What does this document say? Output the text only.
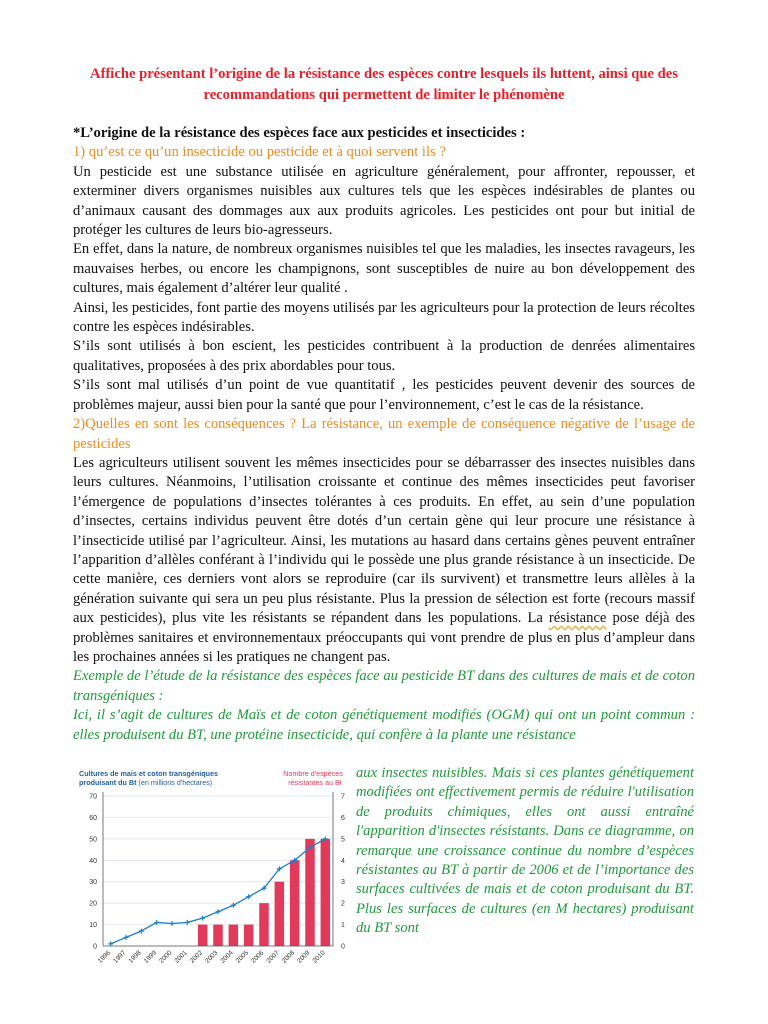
Affiche présentant l’origine de la résistance des espèces contre lesquels ils luttent, ainsi que des recommandations qui permettent de limiter le phénomène

*L’origine de la résistance des espèces face aux pesticides et insecticides :

1) qu’est ce qu’un insecticide ou pesticide et à quoi servent ils ?

Un pesticide est une substance utilisée en agriculture généralement, pour affronter, repousser, et exterminer divers organismes nuisibles aux cultures tels que les espèces indésirables de plantes ou d’animaux causant des dommages aux aux produits agricoles. Les pesticides ont pour but initial de protéger les cultures de leurs bio-agresseurs.

En effet, dans la nature, de nombreux organismes nuisibles tel que les maladies, les insectes ravageurs, les mauvaises herbes, ou encore les champignons, sont susceptibles de nuire au bon développement des cultures, mais également d’altérer leur qualité .

Ainsi, les pesticides, font partie des moyens utilisés par les agriculteurs pour la protection de leurs récoltes contre les espèces indésirables.

S’ils sont utilisés à bon escient, les pesticides contribuent à la production de denrées alimentaires qualitatives, proposées à des prix abordables pour tous.

S’ils sont mal utilisés d’un point de vue quantitatif , les pesticides peuvent devenir des sources de problèmes majeur, aussi bien pour la santé que pour l’environnement, c’est le cas de la résistance.

2)Quelles en sont les conséquences ? La résistance, un exemple de conséquence négative de l’usage de pesticides

Les agriculteurs utilisent souvent les mêmes insecticides pour se débarrasser des insectes nuisibles dans leurs cultures. Néanmoins, l’utilisation croissante et continue des mêmes insecticides peut favoriser l’émergence de populations d’insectes tolérantes à ces produits. En effet, au sein d’une population d’insectes, certains individus peuvent être dotés d’un certain gène qui leur procure une résistance à l’insecticide utilisé par l’agriculteur. Ainsi, les mutations au hasard dans certains gènes peuvent entraîner l’apparition d’allèles conférant à l’individu qui le possède une plus grande résistance à un insecticide. De cette manière, ces derniers vont alors se reproduire (car ils survivent) et transmettre leurs allèles à la génération suivante qui sera un peu plus résistante. Plus la pression de sélection est forte (recours massif aux pesticides), plus vite les résistants se répandent dans les populations. La résistance pose déjà des problèmes sanitaires et environnementaux préoccupants qui vont prendre de plus en plus d’ampleur dans les prochaines années si les pratiques ne changent pas.

Exemple de l’étude de la résistance des espèces face au pesticide BT dans des cultures de mais et de coton transgéniques :

Ici, il s’agit de cultures de Maïs et de coton génétiquement modifiés (OGM) qui ont un point commun : elles produisent du BT, une protéine insecticide, qui confère à la plante une résistance

Cultures de mais et coton transgéniques
produisant du Bt (en millions d'hectares)
Nombre d'espèces
résistantes au Bt
0
10
20
30
40
50
60
70
0
1
2
3
4
5
6
7
1996 1997 1998 1999 2000 2001 2002 2003 2004 2005 2006 2007 2008 2009 2010
aux insectes nuisibles. Mais si ces plantes génétiquement modifiées ont effectivement permis de réduire l'utilisation de produits chimiques, elles ont aussi entraîné l'apparition d'insectes résistants. Dans ce diagramme, on remarque une croissance continue du nombre d’espèces résistantes au BT à partir de 2006 et de l’importance des surfaces cultivées de mais et de coton produisant du BT. Plus les surfaces de cultures (en M hectares) produisant du BT sont
